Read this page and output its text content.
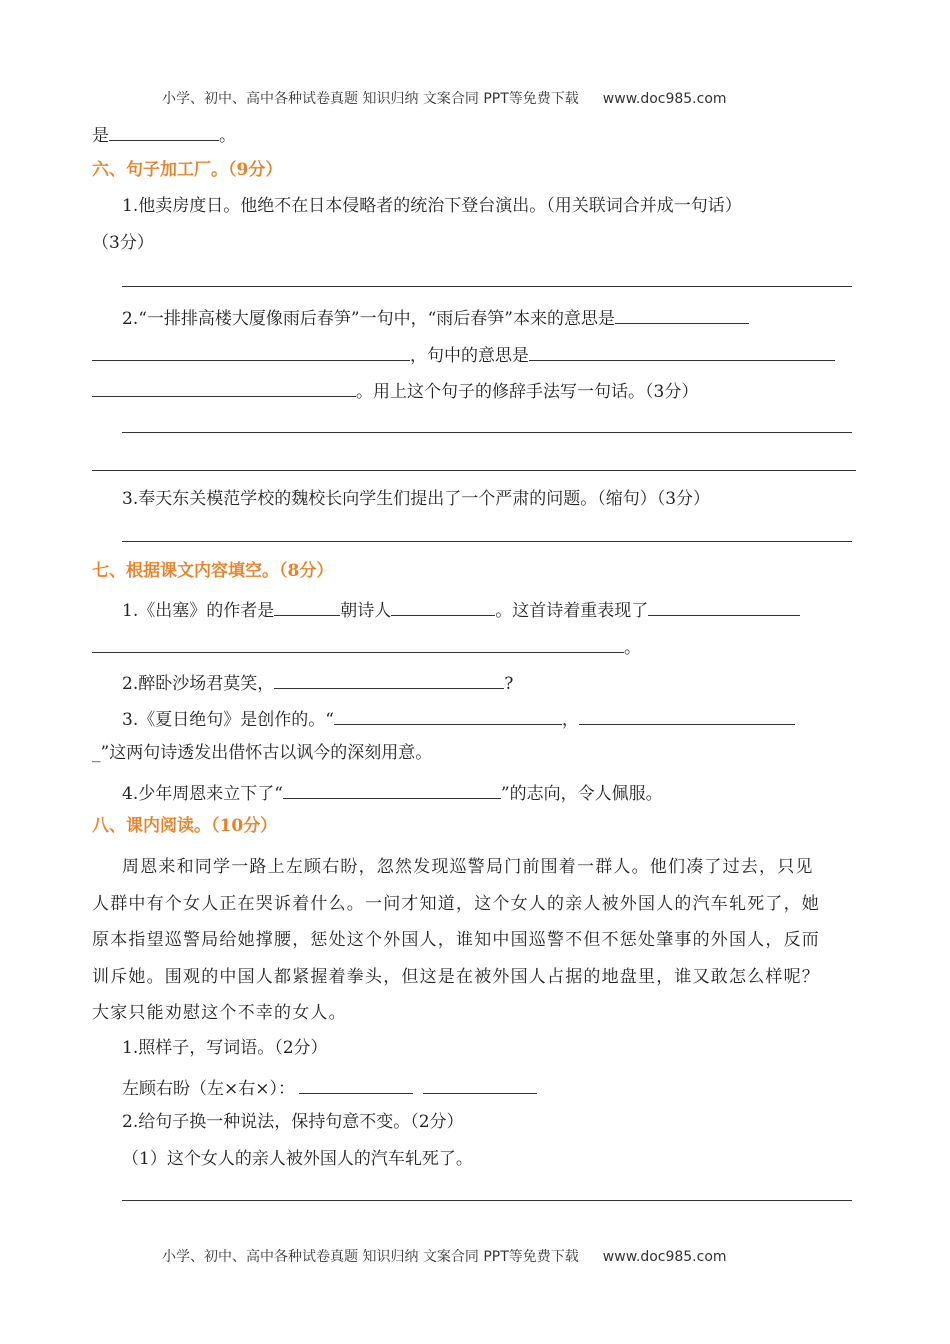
小学、初中、高中各种试卷真题 知识归纳 文案合同 PPT等免费下载 www.doc985.com
是	。
六、句子加工厂。（9分）
1.他卖房度日。他绝不在日本侵略者的统治下登台演出。（用关联词合并成一句话）
（3分）
2.“一排排高楼大厦像雨后春笋”一句中，“雨后春笋”本来的意思是
，句中的意思是
。用上这个句子的修辞手法写一句话。（3分）
3.奉天东关模范学校的魏校长向学生们提出了一个严肃的问题。（缩句）（3分）
七、根据课文内容填空。（8分）
1.《出塞》的作者是	朝诗人	。这首诗着重表现了
。
2.醉卧沙场君莫笑，	?
3.《夏日绝句》是创作的。“	，
_”这两句诗透发出借怀古以讽今的深刻用意。
4.少年周恩来立下了“	”的志向，令人佩服。
八、课内阅读。（10分）
周恩来和同学一路上左顾右盼，忽然发现巡警局门前围着一群人。他们凑了过去，只见
人群中有个女人正在哭诉着什么。一问才知道，这个女人的亲人被外国人的汽车轧死了，她
原本指望巡警局给她撑腰，惩处这个外国人，谁知中国巡警不但不惩处肇事的外国人，反而
训斥她。围观的中国人都紧握着拳头，但这是在被外国人占据的地盘里，谁又敢怎么样呢？
大家只能劝慰这个不幸的女人。
1.照样子，写词语。（2分）
左顾右盼（左×右×）：
2.给句子换一种说法，保持句意不变。（2分）
（1）这个女人的亲人被外国人的汽车轧死了。
小学、初中、高中各种试卷真题 知识归纳 文案合同 PPT等免费下载 www.doc985.com
